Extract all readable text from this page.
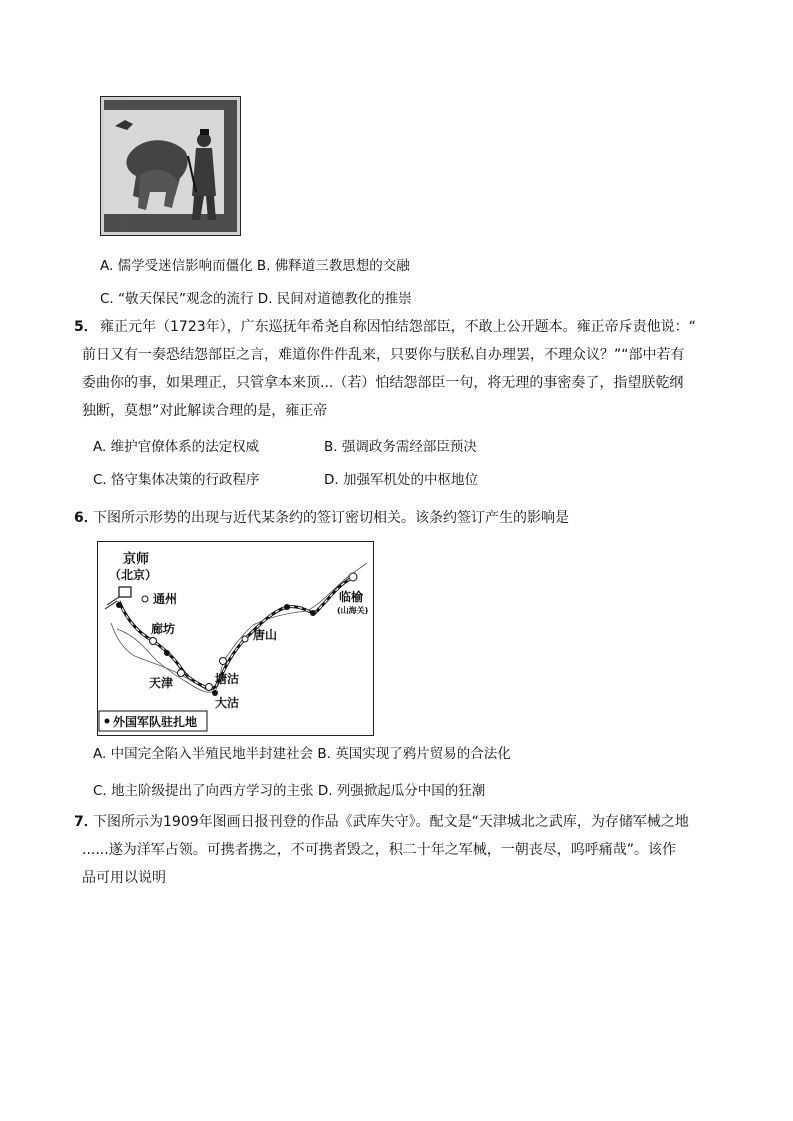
A. 儒学受迷信影响而僵化 B. 佛释道三教思想的交融
C. “敬天保民”观念的流行 D. 民间对道德教化的推崇
5． 雍正元年（1723年），广东巡抚年希尧自称因怕结怨部臣，不敢上公开题本。雍正帝斥责他说：“
前日又有一奏恐结怨部臣之言，难道你件件乱来，只要你与朕私自办理罢，不理众议？”“部中若有
委曲你的事，如果理正，只管拿本来顶...（若）怕结怨部臣一句，将无理的事密奏了，指望朕乾纲
独断，莫想”对此解读合理的是，雍正帝
A. 维护官僚体系的法定权威	B. 强调政务需经部臣预决
C. 恪守集体决策的行政程序	D. 加强军机处的中枢地位
6．
下图所示形势的出现与近代某条约的签订密切相关。该条约签订产生的影响是
京师
（北京）
通州
廊坊
天津	塘沽
大沽
唐山
临榆
(山海关)
外国军队驻扎地
A. 中国完全陷入半殖民地半封建社会 B. 英国实现了鸦片贸易的合法化
C. 地主阶级提出了向西方学习的主张 D. 列强掀起瓜分中国的狂潮
7．
下图所示为1909年图画日报刊登的作品《武库失守》。配文是“天津城北之武库，为存储军械之地
......遂为洋军占领。可携者携之，不可携者毁之，积二十年之军械，一朝丧尽，呜呼痛哉”。该作
品可用以说明
